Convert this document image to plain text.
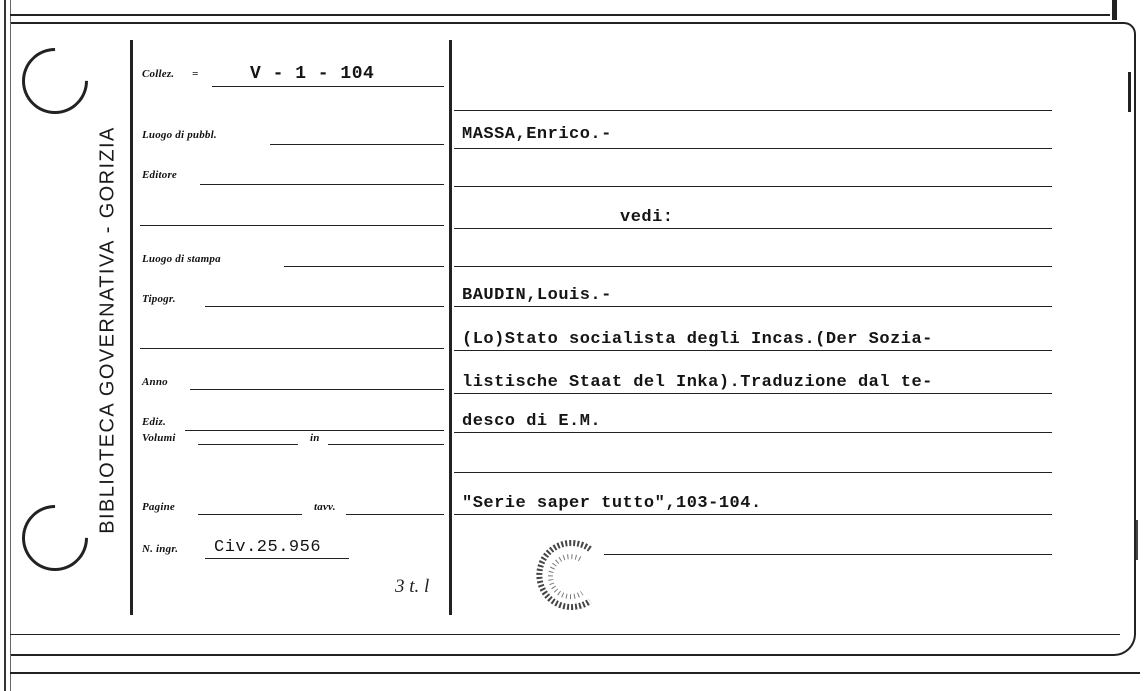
BIBLIOTECA GOVERNATIVA - GORIZIA
Collez. =	V - 1 - 104
Luogo di pubbl.
Editore
Luogo di stampa
Tipogr.
Anno
Ediz.
Volumi	in
Pagine	tavv.
N. ingr. Civ.25.956
3 t. l
MASSA,Enrico.-
vedi:
BAUDIN,Louis.-
(Lo)Stato socialista degli Incas.(Der Sozia-
listische Staat del Inka).Traduzione dal te-
desco di E.M.
"Serie saper tutto",103-104.
